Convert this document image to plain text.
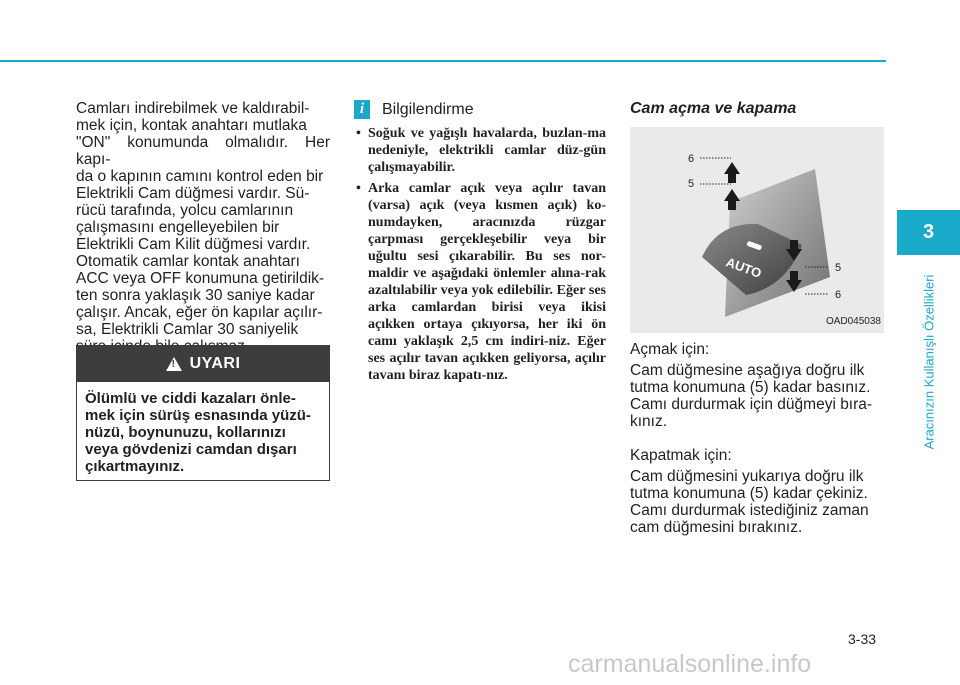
Camları indirebilmek ve kaldırabil-
mek için, kontak anahtarı mutlaka
"ON" konumunda olmalıdır. Her kapı-
da o kapının camını kontrol eden bir
Elektrikli Cam düğmesi vardır. Sü-
rücü tarafında, yolcu camlarının
çalışmasını engelleyebilen bir
Elektrikli Cam Kilit düğmesi vardır.
Otomatik camlar kontak anahtarı
ACC veya OFF konumuna getirildik-
ten sonra yaklaşık 30 saniye kadar
çalışır. Ancak, eğer ön kapılar açılır-
sa, Elektrikli Camlar 30 saniyelik

!
UYARI
Ölümlü ve ciddi kazaları önle-
mek için sürüş esnasında yüzü-
nüzü, boynunuzu, kollarınızı
veya gövdenizi camdan dışarı
çıkartmayınız.
i	Bilgilendirme
• Soğuk ve yağışlı havalarda, buzlan-ma nedeniyle, elektrikli camlar düz-gün çalışmayabilir.
• Arka camlar açık veya açılır tavan (varsa) açık (veya kısmen açık) ko-numdayken, aracınızda rüzgar çarpması gerçekleşebilir veya bir uğultu sesi çıkarabilir. Bu ses nor-maldir ve aşağıdaki önlemler alına-rak azaltılabilir veya yok edilebilir. Eğer ses arka camlardan birisi veya ikisi açıkken ortaya çıkıyorsa, her iki ön camı yaklaşık 2,5 cm indiri-niz. Eğer ses açılır tavan açıkken geliyorsa, açılır tavanı biraz kapatı-nız.

Cam açma ve kapama

AUTO
6
5
5
6
OAD045038

Açmak için:

Cam düğmesine aşağıya doğru ilk
tutma konumuna (5) kadar basınız.
Camı durdurmak için düğmeyi bıra-
kınız.

Kapatmak için:

Cam düğmesini yukarıya doğru ilk
tutma konumuna (5) kadar çekiniz.
Camı durdurmak istediğiniz zaman
cam düğmesini bırakınız.

3
Aracınızın Kullanışlı Özellikleri
3-33
carmanualsonline.info
